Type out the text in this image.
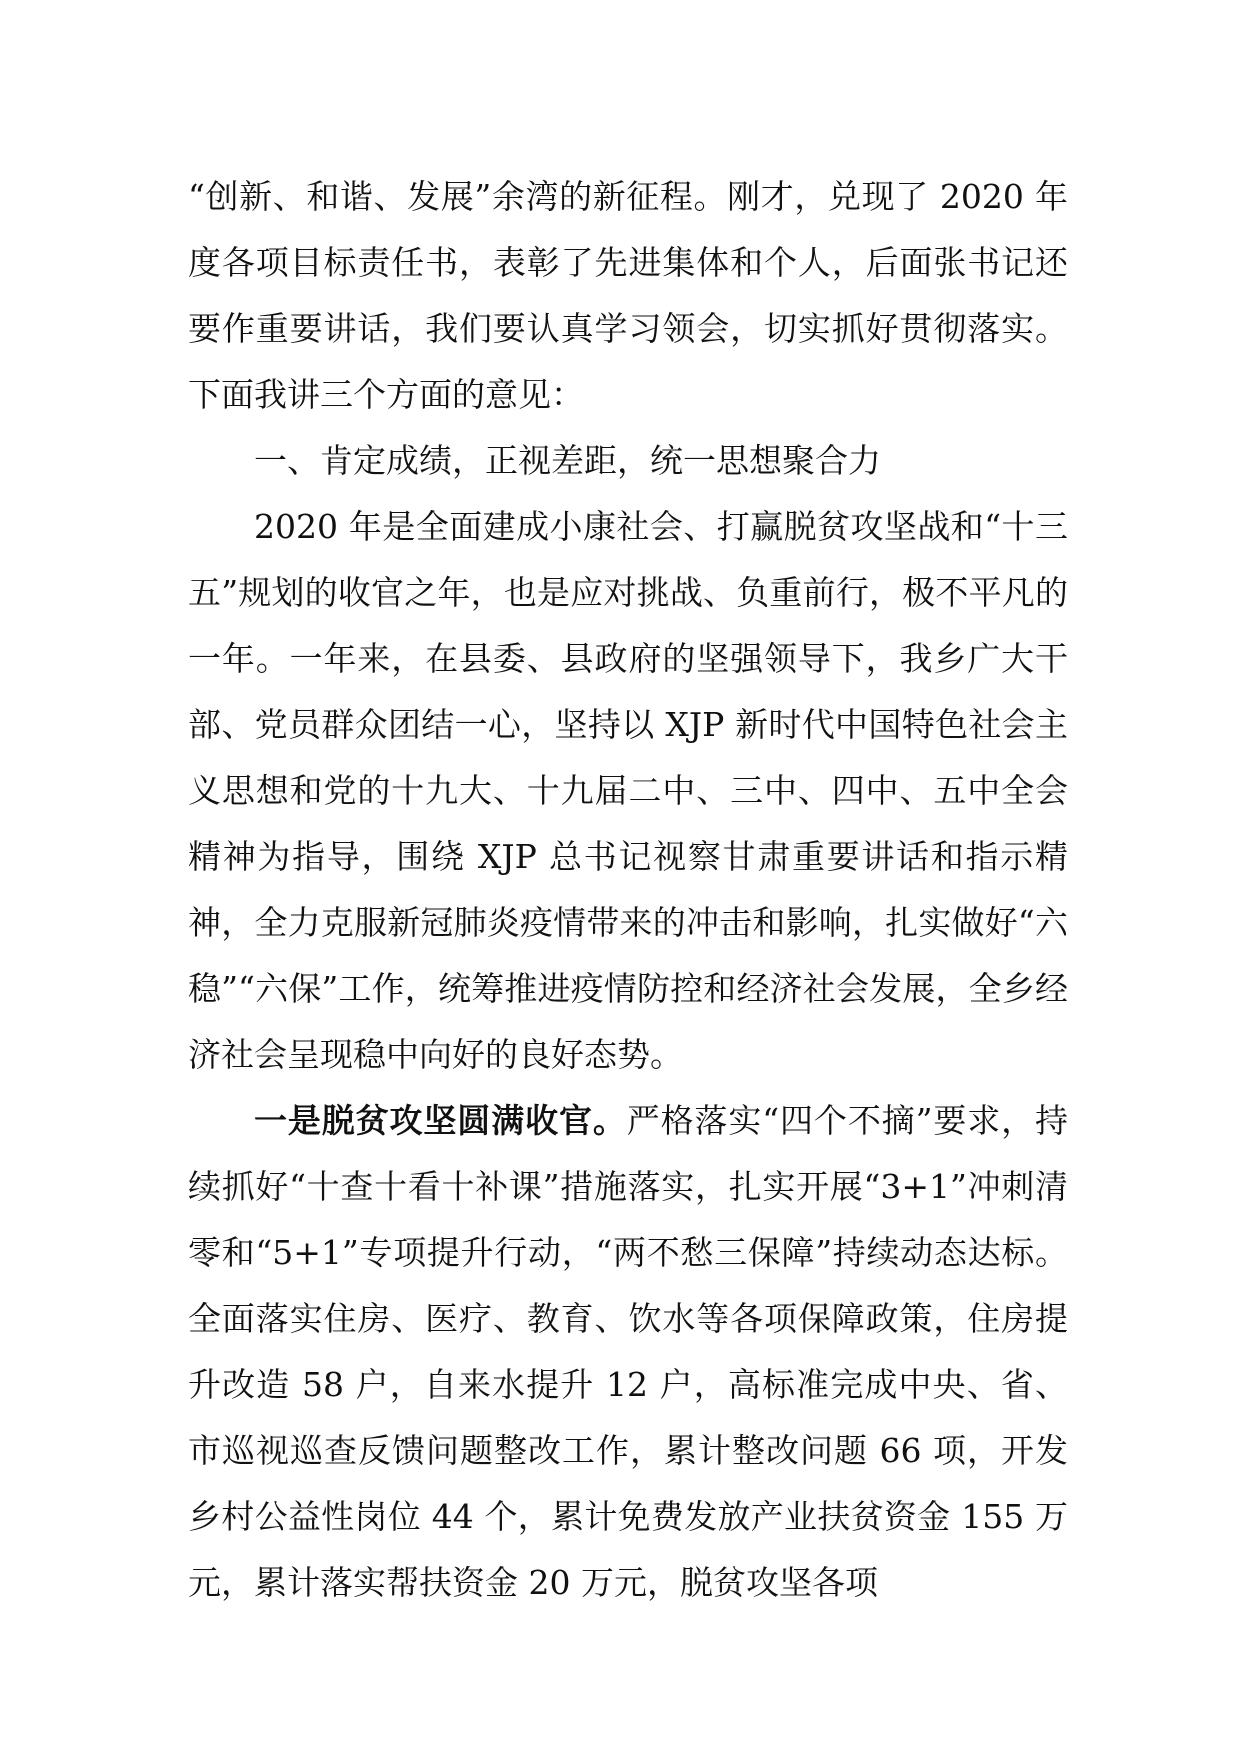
“创新、和谐、发展”余湾的新征程。刚才，兑现了 2020 年度各项目标责任书，表彰了先进集体和个人，后面张书记还要作重要讲话，我们要认真学习领会，切实抓好贯彻落实。下面我讲三个方面的意见：

一、肯定成绩，正视差距，统一思想聚合力

2020 年是全面建成小康社会、打赢脱贫攻坚战和“十三五”规划的收官之年，也是应对挑战、负重前行，极不平凡的一年。一年来，在县委、县政府的坚强领导下，我乡广大干部、党员群众团结一心，坚持以 XJP 新时代中国特色社会主义思想和党的十九大、十九届二中、三中、四中、五中全会精神为指导，围绕 XJP 总书记视察甘肃重要讲话和指示精神，全力克服新冠肺炎疫情带来的冲击和影响，扎实做好“六稳”“六保”工作，统筹推进疫情防控和经济社会发展，全乡经济社会呈现稳中向好的良好态势。

一是脱贫攻坚圆满收官。严格落实“四个不摘”要求，持续抓好“十查十看十补课”措施落实，扎实开展“3+1”冲刺清零和“5+1”专项提升行动，“两不愁三保障”持续动态达标。全面落实住房、医疗、教育、饮水等各项保障政策，住房提升改造 58 户，自来水提升 12 户，高标准完成中央、省、市巡视巡查反馈问题整改工作，累计整改问题 66 项，开发乡村公益性岗位 44 个，累计免费发放产业扶贫资金 155 万元，累计落实帮扶资金 20 万元，脱贫攻坚各项
